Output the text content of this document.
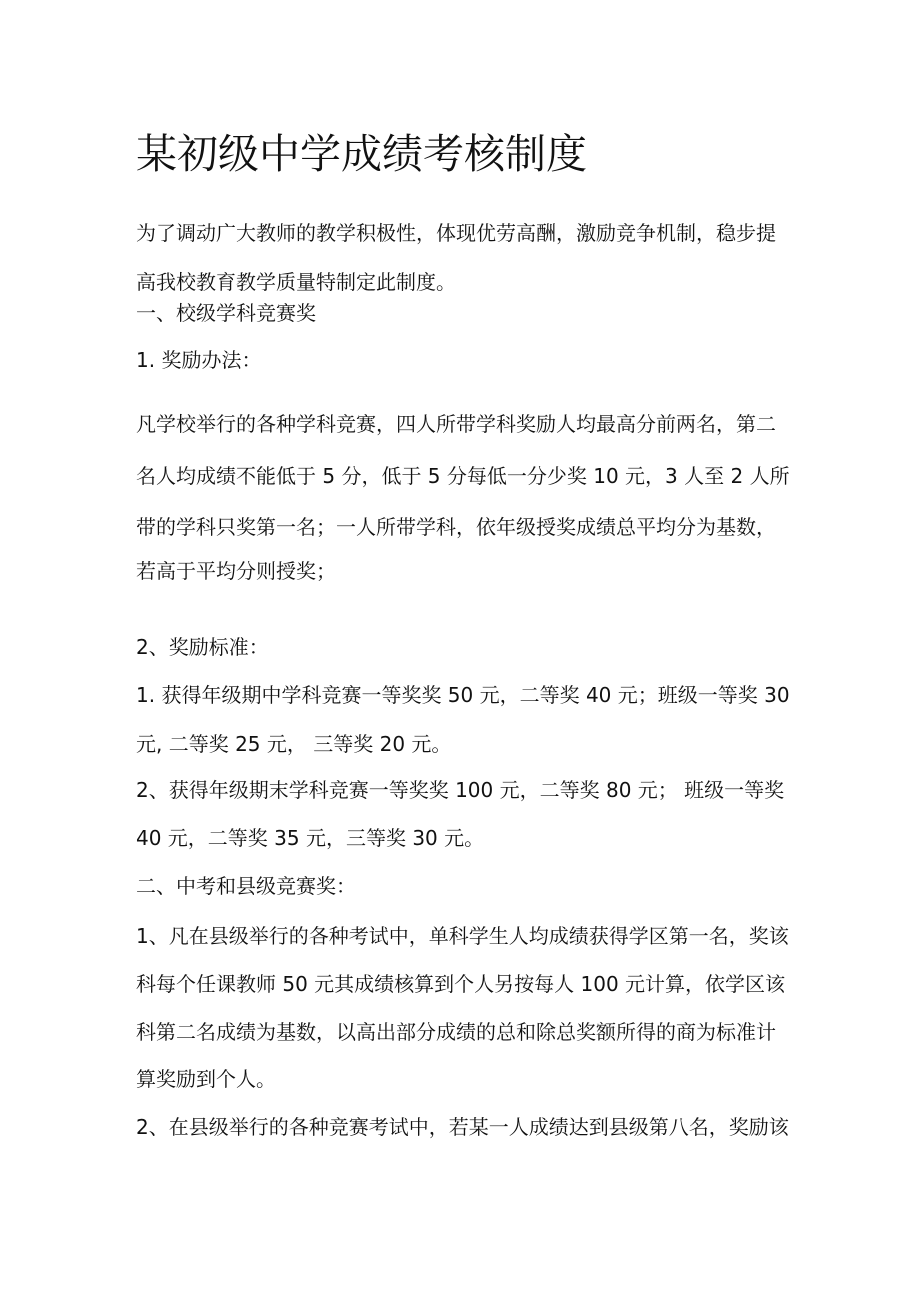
某初级中学成绩考核制度

为了调动广大教师的教学积极性，体现优劳高酬，激励竞争机制，稳步提

高我校教育教学质量特制定此制度。

一、校级学科竞赛奖

1. 奖励办法：

凡学校举行的各种学科竞赛，四人所带学科奖励人均最高分前两名，第二

名人均成绩不能低于 5 分，低于 5 分每低一分少奖 10 元，3 人至 2 人所

带的学科只奖第一名；一人所带学科，依年级授奖成绩总平均分为基数，

若高于平均分则授奖；

2、奖励标准：

1. 获得年级期中学科竞赛一等奖奖 50 元，二等奖 40 元；班级一等奖 30

元, 二等奖 25 元， 三等奖 20 元。

2、获得年级期末学科竞赛一等奖奖 100 元，二等奖 80 元； 班级一等奖

40 元，二等奖 35 元，三等奖 30 元。

二、中考和县级竞赛奖：

1、凡在县级举行的各种考试中，单科学生人均成绩获得学区第一名，奖该

科每个任课教师 50 元其成绩核算到个人另按每人 100 元计算，依学区该

科第二名成绩为基数，以高出部分成绩的总和除总奖额所得的商为标准计

算奖励到个人。

2、在县级举行的各种竞赛考试中，若某一人成绩达到县级第八名，奖励该
